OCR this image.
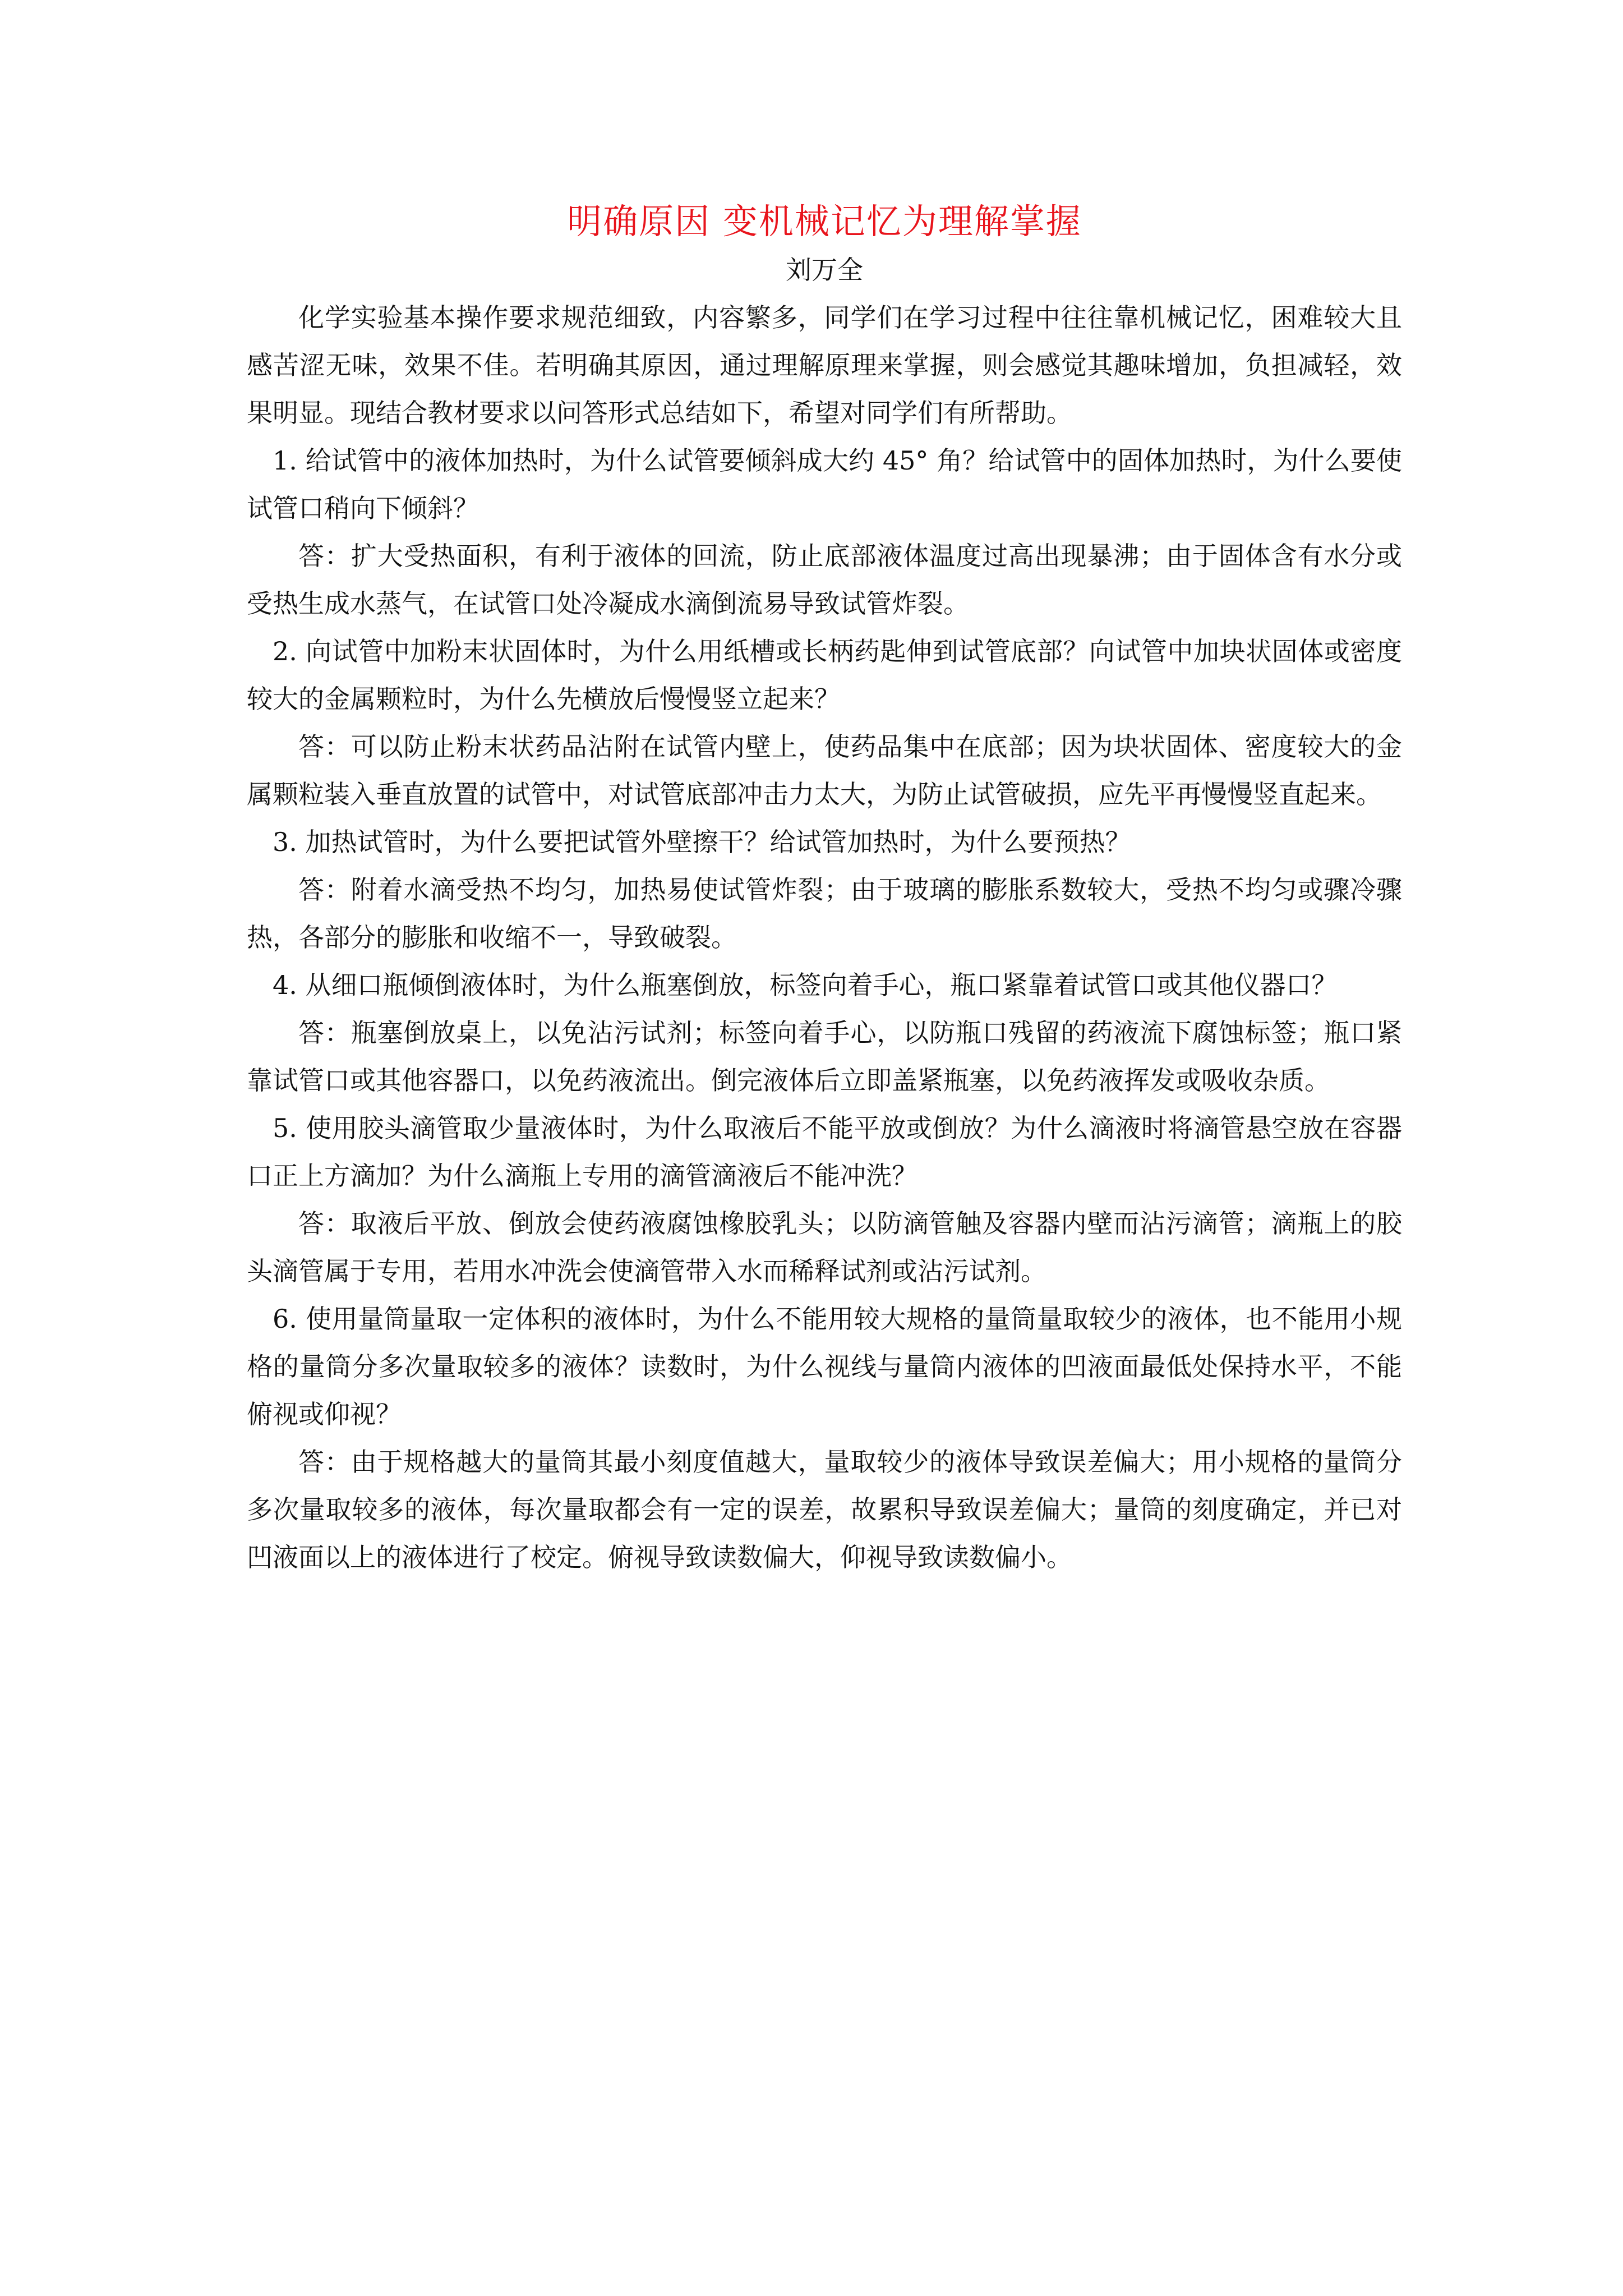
明确原因 变机械记忆为理解掌握

刘万全

化学实验基本操作要求规范细致，内容繁多，同学们在学习过程中往往靠机械记忆，困难较大且感苦涩无味，效果不佳。若明确其原因，通过理解原理来掌握，则会感觉其趣味增加，负担减轻，效果明显。现结合教材要求以问答形式总结如下，希望对同学们有所帮助。

1. 给试管中的液体加热时，为什么试管要倾斜成大约 45° 角？给试管中的固体加热时，为什么要使试管口稍向下倾斜？

答：扩大受热面积，有利于液体的回流，防止底部液体温度过高出现暴沸；由于固体含有水分或受热生成水蒸气，在试管口处冷凝成水滴倒流易导致试管炸裂。

2. 向试管中加粉末状固体时，为什么用纸槽或长柄药匙伸到试管底部？向试管中加块状固体或密度较大的金属颗粒时，为什么先横放后慢慢竖立起来？

答：可以防止粉末状药品沾附在试管内壁上，使药品集中在底部；因为块状固体、密度较大的金属颗粒装入垂直放置的试管中，对试管底部冲击力太大，为防止试管破损，应先平再慢慢竖直起来。

3. 加热试管时，为什么要把试管外壁擦干？给试管加热时，为什么要预热？

答：附着水滴受热不均匀，加热易使试管炸裂；由于玻璃的膨胀系数较大，受热不均匀或骤冷骤热，各部分的膨胀和收缩不一，导致破裂。

4. 从细口瓶倾倒液体时，为什么瓶塞倒放，标签向着手心，瓶口紧靠着试管口或其他仪器口？

答：瓶塞倒放桌上，以免沾污试剂；标签向着手心，以防瓶口残留的药液流下腐蚀标签；瓶口紧靠试管口或其他容器口，以免药液流出。倒完液体后立即盖紧瓶塞，以免药液挥发或吸收杂质。

5. 使用胶头滴管取少量液体时，为什么取液后不能平放或倒放？为什么滴液时将滴管悬空放在容器口正上方滴加？为什么滴瓶上专用的滴管滴液后不能冲洗？

答：取液后平放、倒放会使药液腐蚀橡胶乳头；以防滴管触及容器内壁而沾污滴管；滴瓶上的胶头滴管属于专用，若用水冲洗会使滴管带入水而稀释试剂或沾污试剂。

6. 使用量筒量取一定体积的液体时，为什么不能用较大规格的量筒量取较少的液体，也不能用小规格的量筒分多次量取较多的液体？读数时，为什么视线与量筒内液体的凹液面最低处保持水平，不能俯视或仰视？

答：由于规格越大的量筒其最小刻度值越大，量取较少的液体导致误差偏大；用小规格的量筒分多次量取较多的液体，每次量取都会有一定的误差，故累积导致误差偏大；量筒的刻度确定，并已对凹液面以上的液体进行了校定。俯视导致读数偏大，仰视导致读数偏小。
